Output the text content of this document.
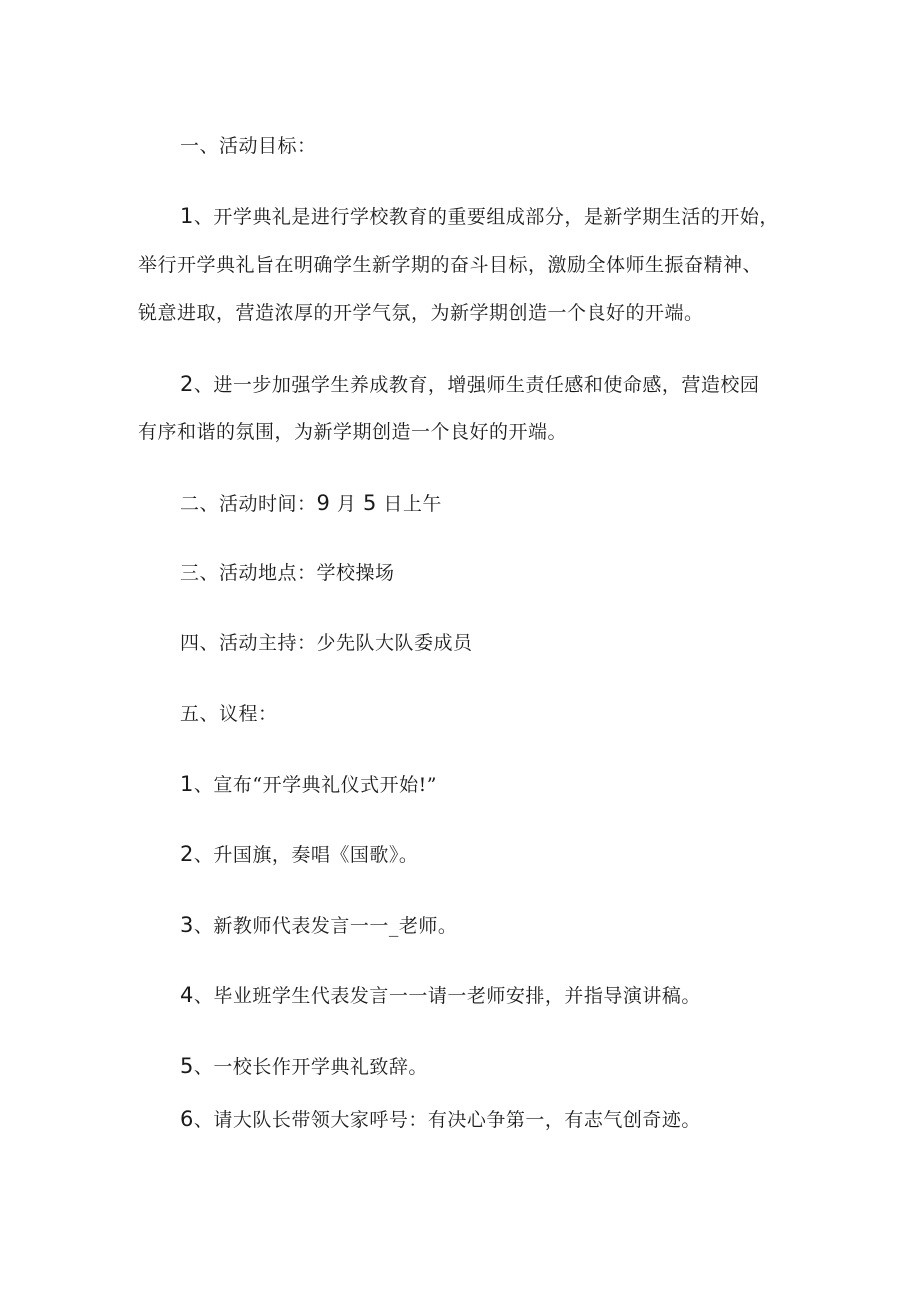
一、活动目标：
1、开学典礼是进行学校教育的重要组成部分，是新学期生活的开始，
举行开学典礼旨在明确学生新学期的奋斗目标，激励全体师生振奋精神、
锐意进取，营造浓厚的开学气氛，为新学期创造一个良好的开端。
2、进一步加强学生养成教育，增强师生责任感和使命感，营造校园
有序和谐的氛围，为新学期创造一个良好的开端。
二、活动时间：9 月 5 日上午
三、活动地点：学校操场
四、活动主持：少先队大队委成员
五、议程：
1、宣布“开学典礼仪式开始!”
2、升国旗，奏唱《国歌》。
3、新教师代表发言一一_老师。
4、毕业班学生代表发言一一请一老师安排，并指导演讲稿。
5、一校长作开学典礼致辞。
6、请大队长带领大家呼号：有决心争第一，有志气创奇迹。
